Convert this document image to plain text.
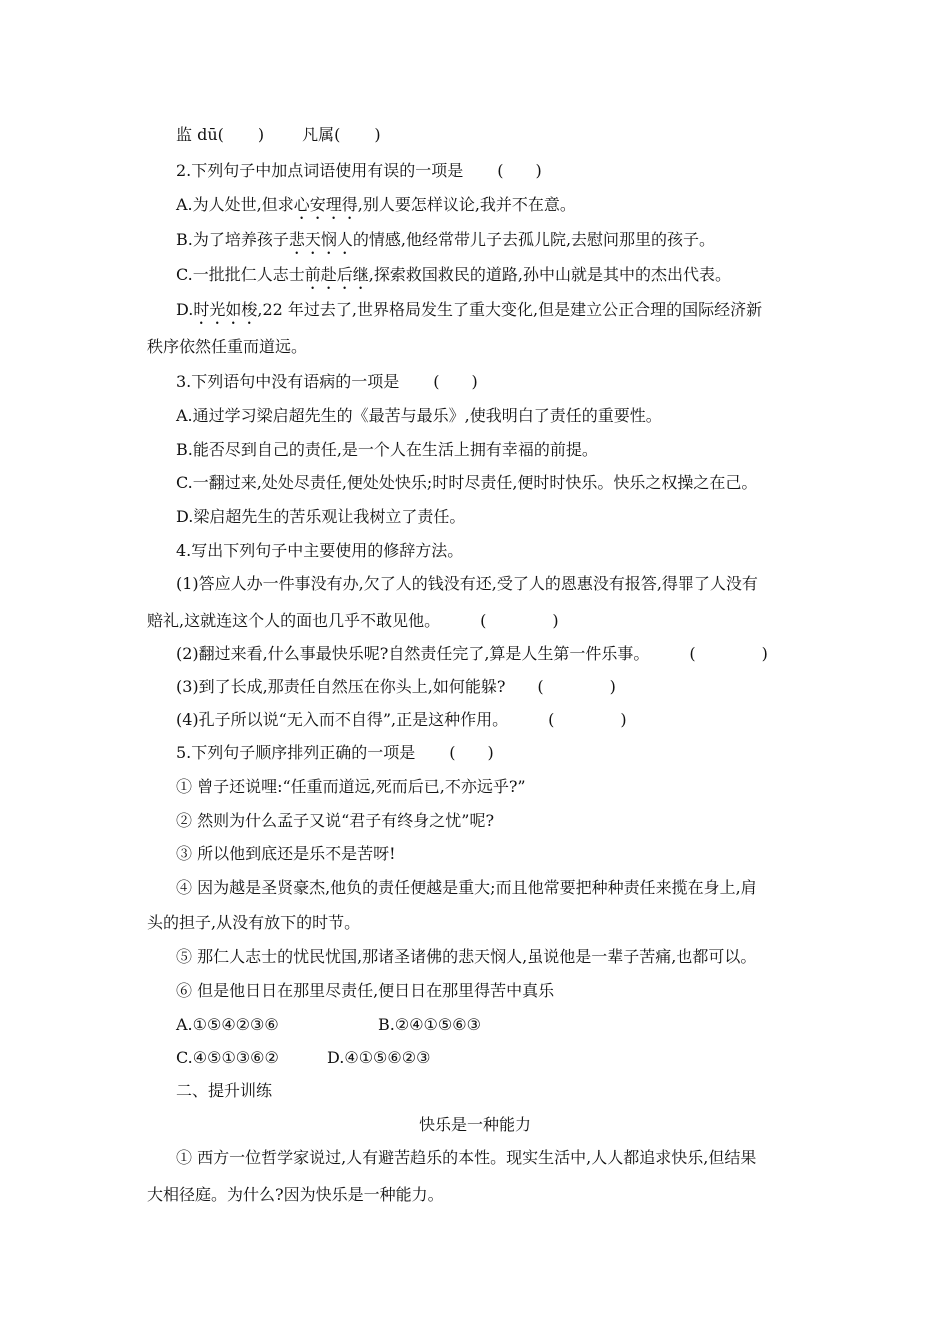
监 dū( ) 凡属( )
2.下列句子中加点词语使用有误的一项是 (　　)
A.为人处世,但求心安理得,别人要怎样议论,我并不在意。
B.为了培养孩子悲天悯人的情感,他经常带儿子去孤儿院,去慰问那里的孩子。
C.一批批仁人志士前赴后继,探索救国救民的道路,孙中山就是其中的杰出代表。
D.时光如梭,22 年过去了,世界格局发生了重大变化,但是建立公正合理的国际经济新
秩序依然任重而道远。
3.下列语句中没有语病的一项是 (　　)
A.通过学习梁启超先生的《最苦与最乐》,使我明白了责任的重要性。
B.能否尽到自己的责任,是一个人在生活上拥有幸福的前提。
C.一翻过来,处处尽责任,便处处快乐;时时尽责任,便时时快乐。快乐之权操之在己。
D.梁启超先生的苦乐观让我树立了责任。
4.写出下列句子中主要使用的修辞方法。
(1)答应人办一件事没有办,欠了人的钱没有还,受了人的恩惠没有报答,得罪了人没有
赔礼,这就连这个人的面也几乎不敢见他。	(	)
(2)翻过来看,什么事最快乐呢?自然责任完了,算是人生第一件乐事。	(	)
(3)到了长成,那责任自然压在你头上,如何能躲? (	)
(4)孔子所以说“无入而不自得”,正是这种作用。	(	)
5.下列句子顺序排列正确的一项是 (　　)
① 曾子还说哩:“任重而道远,死而后已,不亦远乎?”
② 然则为什么孟子又说“君子有终身之忧”呢?
③ 所以他到底还是乐不是苦呀!
④ 因为越是圣贤豪杰,他负的责任便越是重大;而且他常要把种种责任来揽在身上,肩
头的担子,从没有放下的时节。
⑤ 那仁人志士的忧民忧国,那诸圣诸佛的悲天悯人,虽说他是一辈子苦痛,也都可以。
⑥ 但是他日日在那里尽责任,便日日在那里得苦中真乐
A.①⑤④②③⑥	B.②④①⑤⑥③
C.④⑤①③⑥②	D.④①⑤⑥②③
二、提升训练
快乐是一种能力
① 西方一位哲学家说过,人有避苦趋乐的本性。现实生活中,人人都追求快乐,但结果
大相径庭。为什么?因为快乐是一种能力。
